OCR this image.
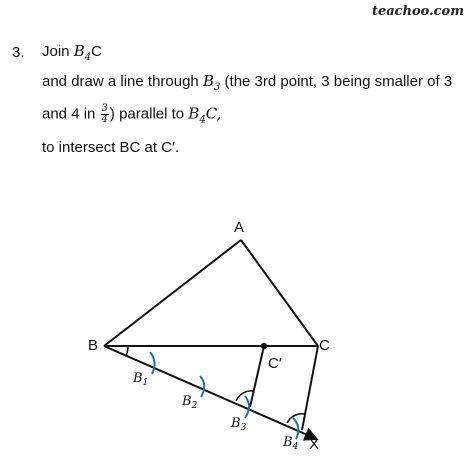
teachoo.com
3. Join $B_4C$
and draw a line through $B_3$ (the 3rd point, 3 being smaller of 3
and 4 in $\frac{3}{4}$ ) parallel to $B_4C$,
to intersect BC at C′.
A
B	C
C′
X
B1
B2
B3
B4
